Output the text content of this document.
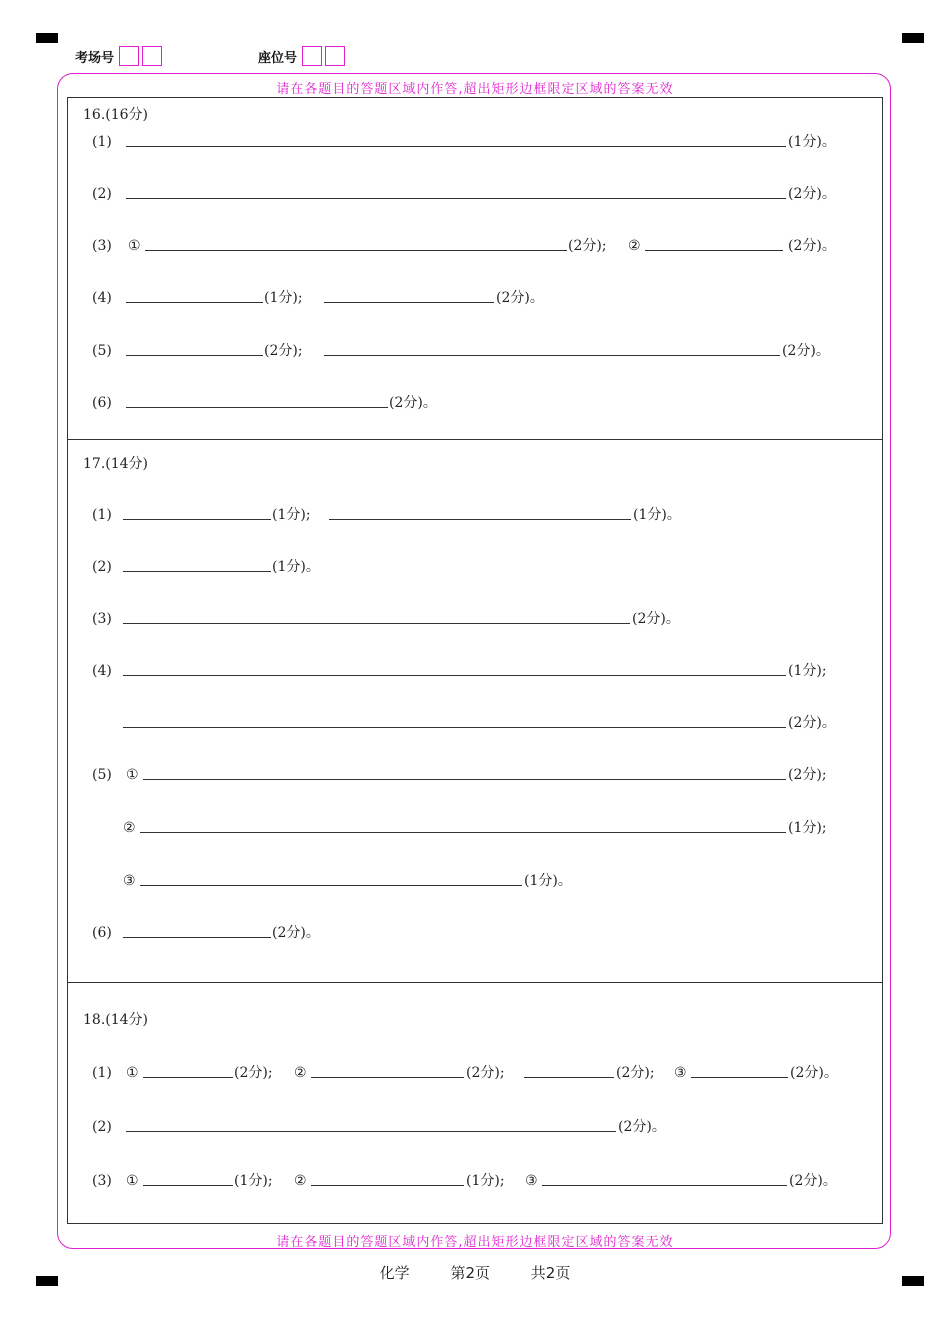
考场号	座位号
请在各题目的答题区域内作答,超出矩形边框限定区域的答案无效
请在各题目的答题区域内作答,超出矩形边框限定区域的答案无效
16.(16分)
(1)	(1分)。
(2)	(2分)。
(3) ①	(2分); ②	(2分)。
(4)	(1分);	(2分)。
(5)	(2分);	(2分)。
(6)	(2分)。
17.(14分)
(1)	(1分);	(1分)。
(2)	(1分)。
(3)	(2分)。
(4)	(1分);
(2分)。
(5) ①	(2分);
②	(1分);
③	(1分)。
(6)	(2分)。
18.(14分)
(1) ①	(2分); ②	(2分);	(2分); ③	(2分)。
(2)	(2分)。
(3) ①	(1分); ②	(1分); ③	(2分)。
化学	第2页	共2页
